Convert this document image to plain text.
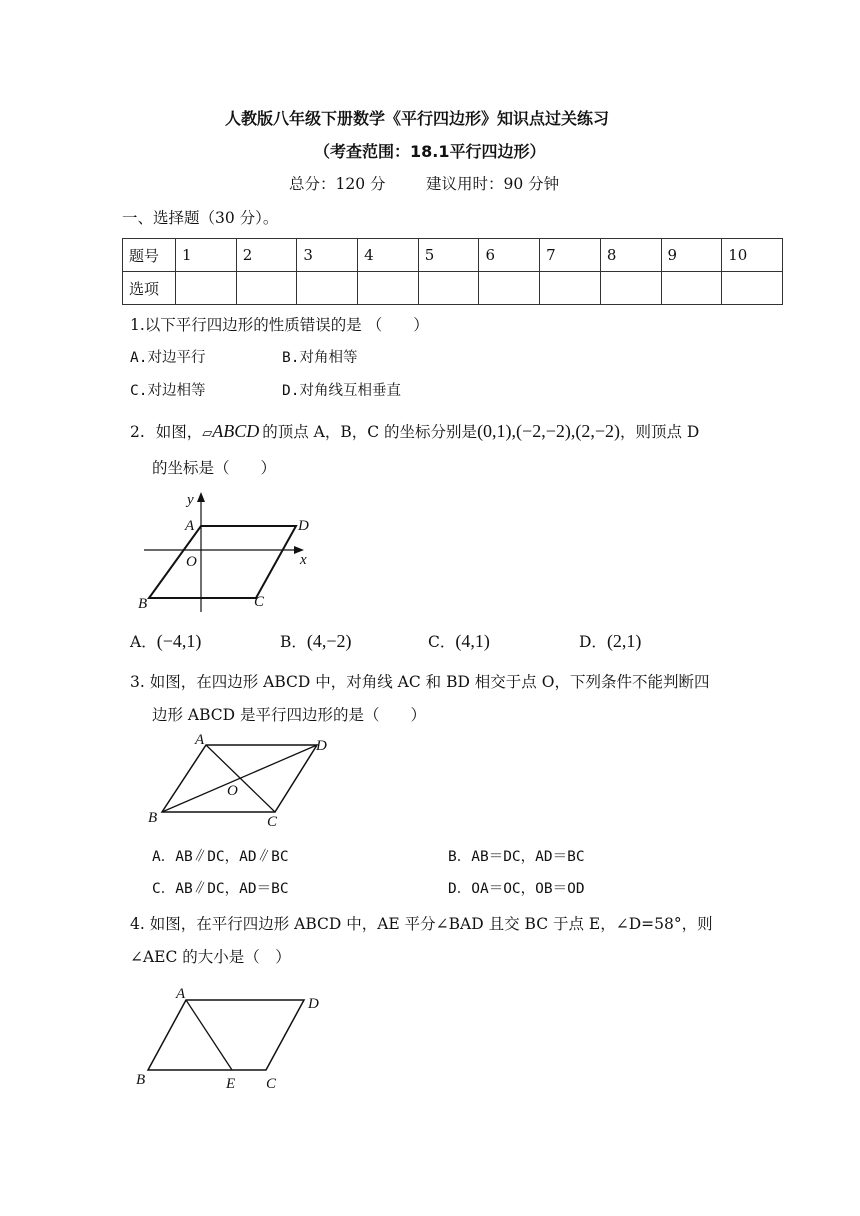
人教版八年级下册数学《平行四边形》知识点过关练习
（考查范围：18.1平行四边形）
总分：120 分	建议用时：90 分钟
一、选择题（30 分）。
题号	1	2	3	4	5	6	7	8	9	10
选项										
1.以下平行四边形的性质错误的是 （　　）
A.对边平行	B.对角相等
C.对边相等	D.对角线互相垂直
2. 如图，▱ABCD 的顶点 A，B，C 的坐标分别是(0,1),(−2,−2),(2,−2)，则顶点 D
的坐标是（　　）
y
x
A	D
O
B	C
A．(−4,1)	B．(4,−2)	C．(4,1)	D．(2,1)
3. 如图，在四边形 ABCD 中，对角线 AC 和 BD 相交于点 O，下列条件不能判断四
边形 ABCD 是平行四边形的是（　　）
A	D
O
B	C
A．AB∥DC，AD∥BC	B．AB＝DC，AD＝BC
C．AB∥DC，AD＝BC	D．OA＝OC，OB＝OD
4. 如图，在平行四边形 ABCD 中，AE 平分∠BAD 且交 BC 于点 E，∠D=58°，则
∠AEC 的大小是（　）
A
D
B	E C
